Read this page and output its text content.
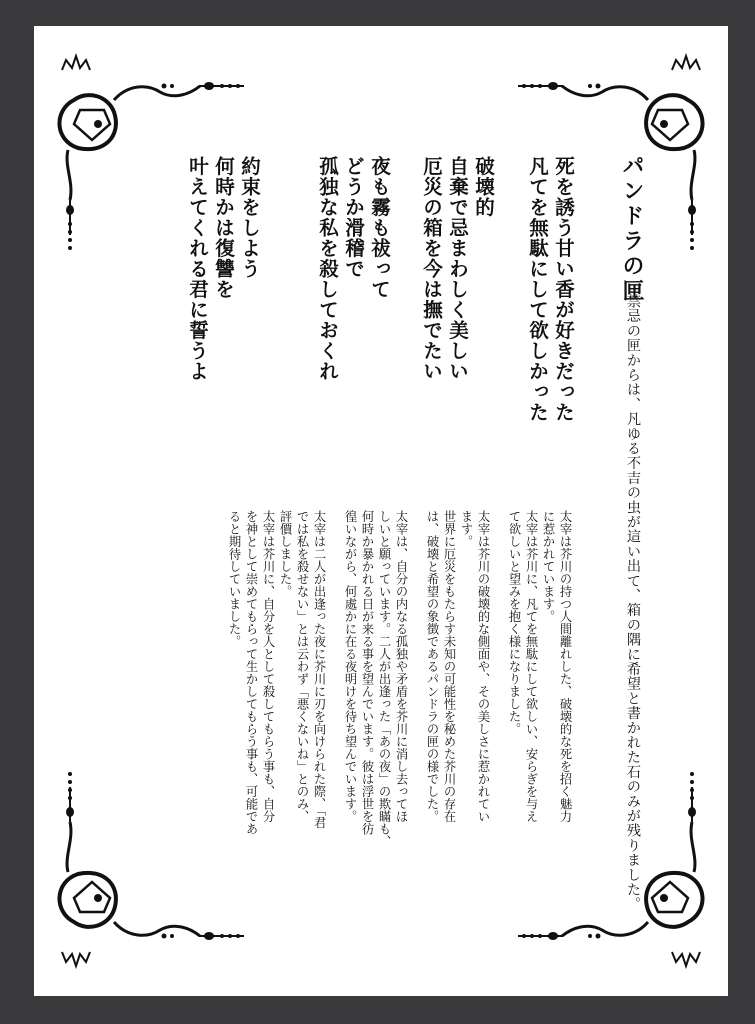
パンドラの匣
禁忌の匣からは、凡ゆる不吉の虫が這い出て、箱の隅に希望と書かれた石のみが残りました。
死を誘う甘い香が好きだった
凡てを無駄にして欲しかった
破壊的
自棄で忌まわしく美しい
厄災の箱を今は撫でたい
夜も霧も祓って
どうか滑稽で
孤独な私を殺しておくれ
約束をしよう
何時かは復讐を
叶えてくれる君に誓うよ
太宰は芥川の持つ人間離れした、破壊的な死を招く魅力
に惹かれています。
太宰は芥川に、凡てを無駄にして欲しい、安らぎを与え
て欲しいと望みを抱く様になりました。
太宰は芥川の破壊的な側面や、その美しさに惹かれてい
ます。
世界に厄災をもたらす未知の可能性を秘めた芥川の存在
は、破壊と希望の象徴であるパンドラの匣の様でした。
太宰は、自分の内なる孤独や矛盾を芥川に消し去ってほ
しいと願っています。二人が出逢った「あの夜」の欺瞞も、
何時か暴かれる日が来る事を望んでいます。彼は浮世を彷
徨いながら、何處かに在る夜明けを待ち望んでいます。
太宰は二人が出逢った夜に芥川に刃を向けられた際、「君
では私を殺せない」とは云わず「悪くないね」とのみ、
評價しました。
太宰は芥川に、自分を人として殺してもらう事も、自分
を神として崇めてもらって生かしてもらう事も、可能であ
ると期待していました。
